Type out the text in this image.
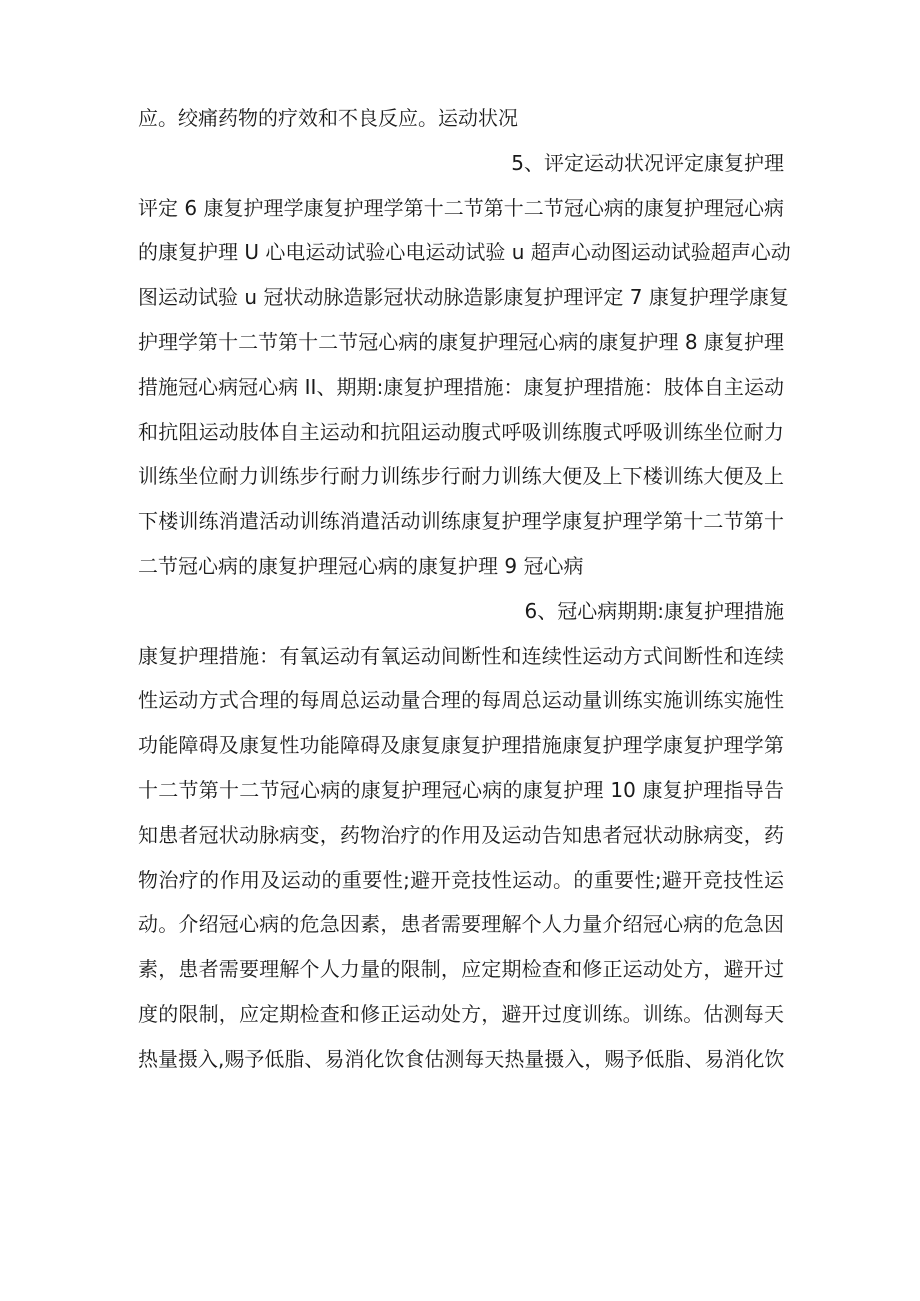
应。绞痛药物的疗效和不良反应。运动状况
5、评定运动状况评定康复护理
评定 6 康复护理学康复护理学第十二节第十二节冠心病的康复护理冠心病
的康复护理 U 心电运动试验心电运动试验 u 超声心动图运动试验超声心动
图运动试验 u 冠状动脉造影冠状动脉造影康复护理评定 7 康复护理学康复
护理学第十二节第十二节冠心病的康复护理冠心病的康复护理 8 康复护理
措施冠心病冠心病 II、期期:康复护理措施：康复护理措施：肢体自主运动
和抗阻运动肢体自主运动和抗阻运动腹式呼吸训练腹式呼吸训练坐位耐力
训练坐位耐力训练步行耐力训练步行耐力训练大便及上下楼训练大便及上
下楼训练消遣活动训练消遣活动训练康复护理学康复护理学第十二节第十
二节冠心病的康复护理冠心病的康复护理 9 冠心病
6、冠心病期期:康复护理措施
康复护理措施：有氧运动有氧运动间断性和连续性运动方式间断性和连续
性运动方式合理的每周总运动量合理的每周总运动量训练实施训练实施性
功能障碍及康复性功能障碍及康复康复护理措施康复护理学康复护理学第
十二节第十二节冠心病的康复护理冠心病的康复护理 10 康复护理指导告
知患者冠状动脉病变，药物治疗的作用及运动告知患者冠状动脉病变，药
物治疗的作用及运动的重要性;避开竞技性运动。的重要性;避开竞技性运
动。介绍冠心病的危急因素，患者需要理解个人力量介绍冠心病的危急因
素，患者需要理解个人力量的限制，应定期检查和修正运动处方，避开过
度的限制，应定期检查和修正运动处方，避开过度训练。训练。估测每天
热量摄入,赐予低脂、易消化饮食估测每天热量摄入，赐予低脂、易消化饮
